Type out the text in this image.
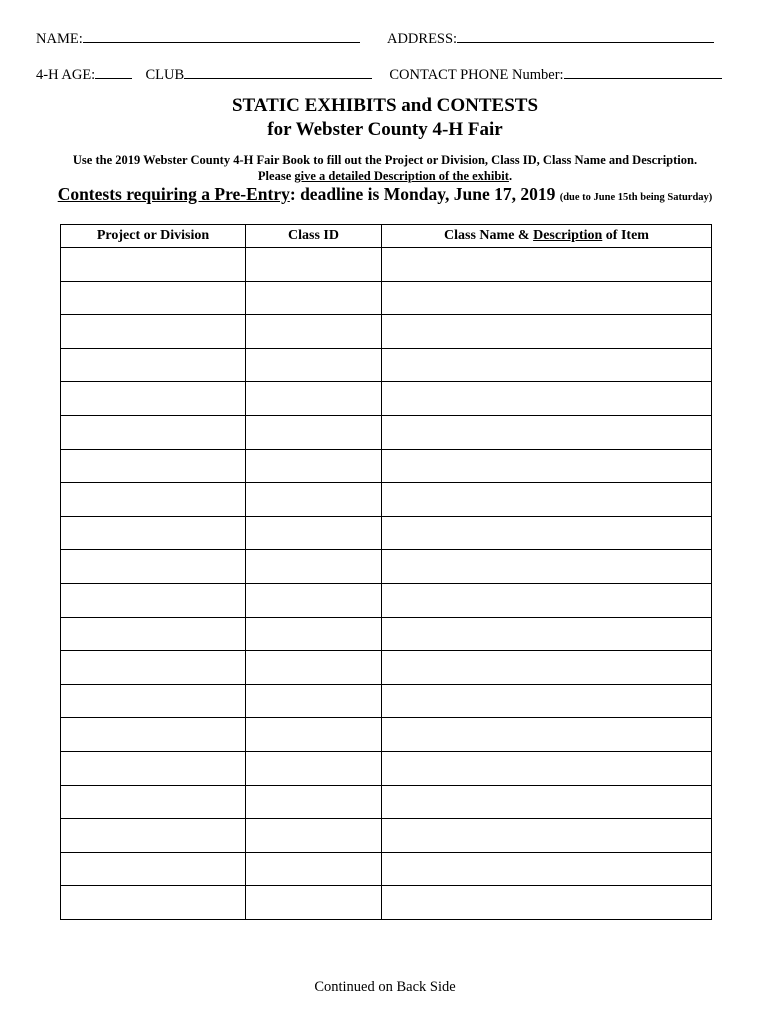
NAME:	ADDRESS:
4-H AGE:	CLUB	CONTACT PHONE Number:
STATIC EXHIBITS and CONTESTS
for Webster County 4-H Fair
Use the 2019 Webster County 4-H Fair Book to fill out the Project or Division, Class ID, Class Name and Description.
Please give a detailed Description of the exhibit.
Contests requiring a Pre-Entry: deadline is Monday, June 17, 2019 (due to June 15th being Saturday)
Project or Division	Class ID	Class Name & Description of Item

Continued on Back Side
